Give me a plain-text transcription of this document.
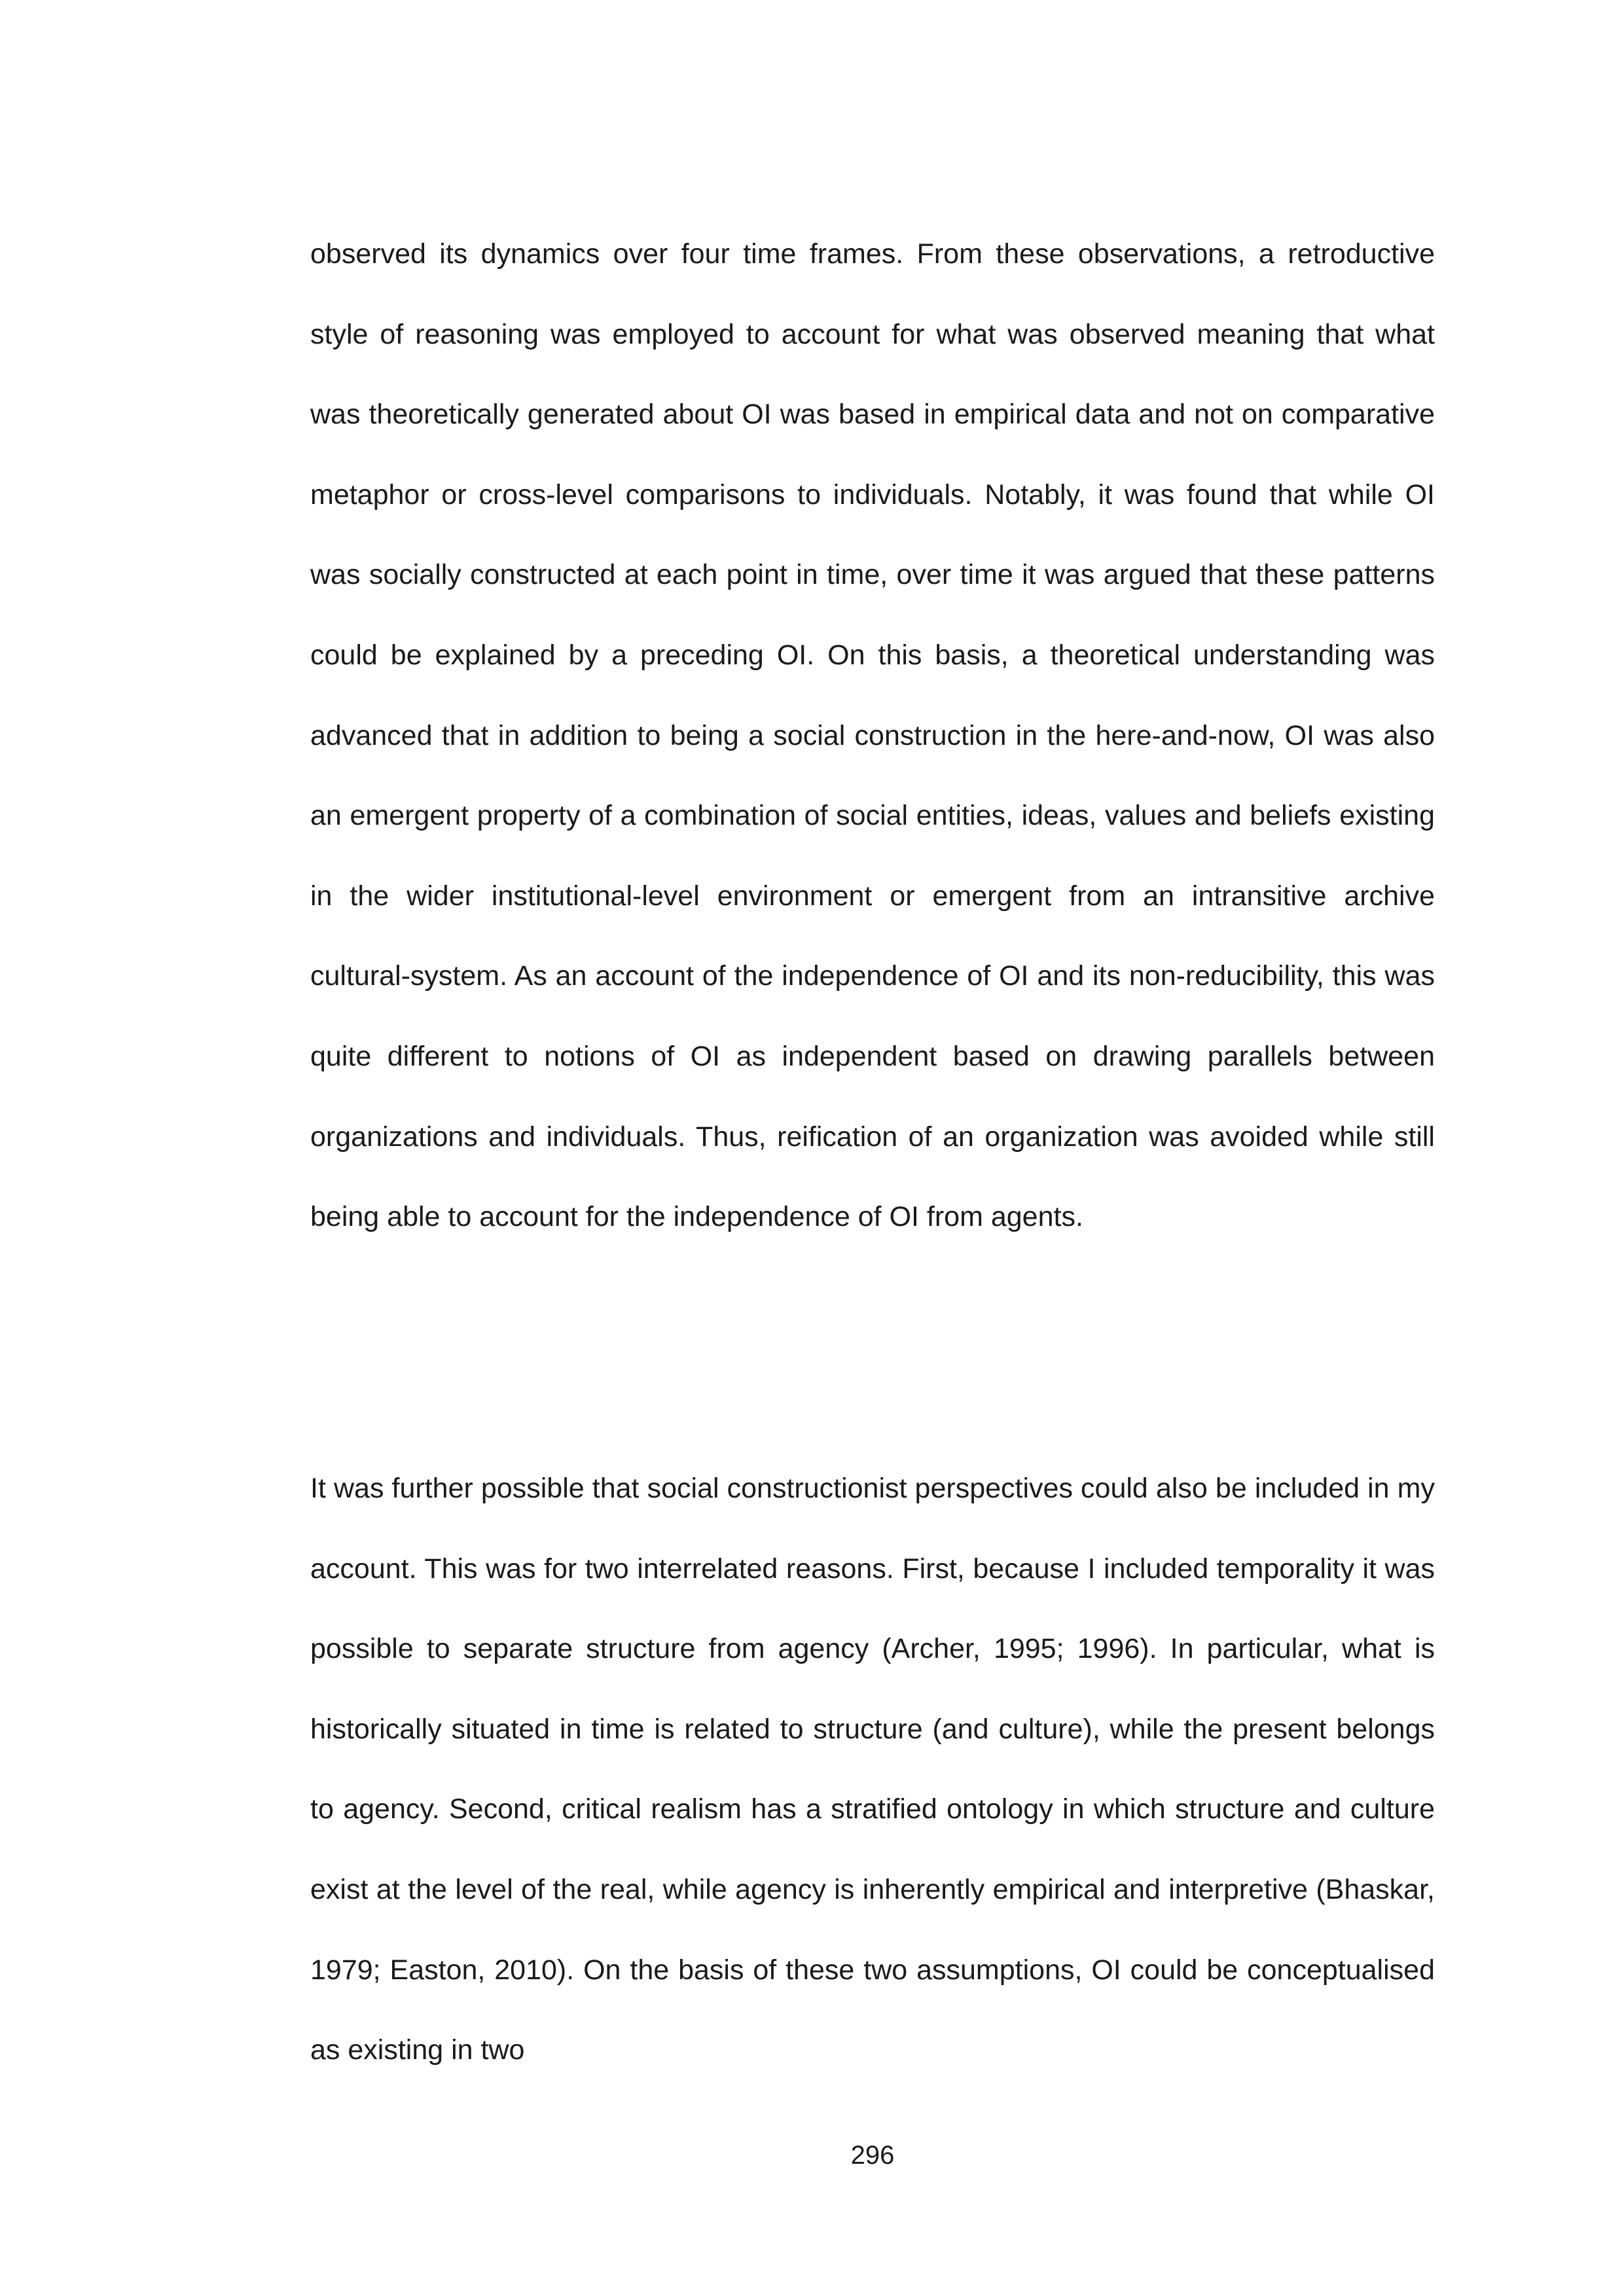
observed its dynamics over four time frames. From these observations, a retroductive style of reasoning was employed to account for what was observed meaning that what was theoretically generated about OI was based in empirical data and not on comparative metaphor or cross-level comparisons to individuals. Notably, it was found that while OI was socially constructed at each point in time, over time it was argued that these patterns could be explained by a preceding OI. On this basis, a theoretical understanding was advanced that in addition to being a social construction in the here-and-now, OI was also an emergent property of a combination of social entities, ideas, values and beliefs existing in the wider institutional-level environment or emergent from an intransitive archive cultural-system. As an account of the independence of OI and its non-reducibility, this was quite different to notions of OI as independent based on drawing parallels between organizations and individuals. Thus, reification of an organization was avoided while still being able to account for the independence of OI from agents.

It was further possible that social constructionist perspectives could also be included in my account. This was for two interrelated reasons. First, because I included temporality it was possible to separate structure from agency (Archer, 1995; 1996). In particular, what is historically situated in time is related to structure (and culture), while the present belongs to agency. Second, critical realism has a stratified ontology in which structure and culture exist at the level of the real, while agency is inherently empirical and interpretive (Bhaskar, 1979; Easton, 2010). On the basis of these two assumptions, OI could be conceptualised as existing in two

296
